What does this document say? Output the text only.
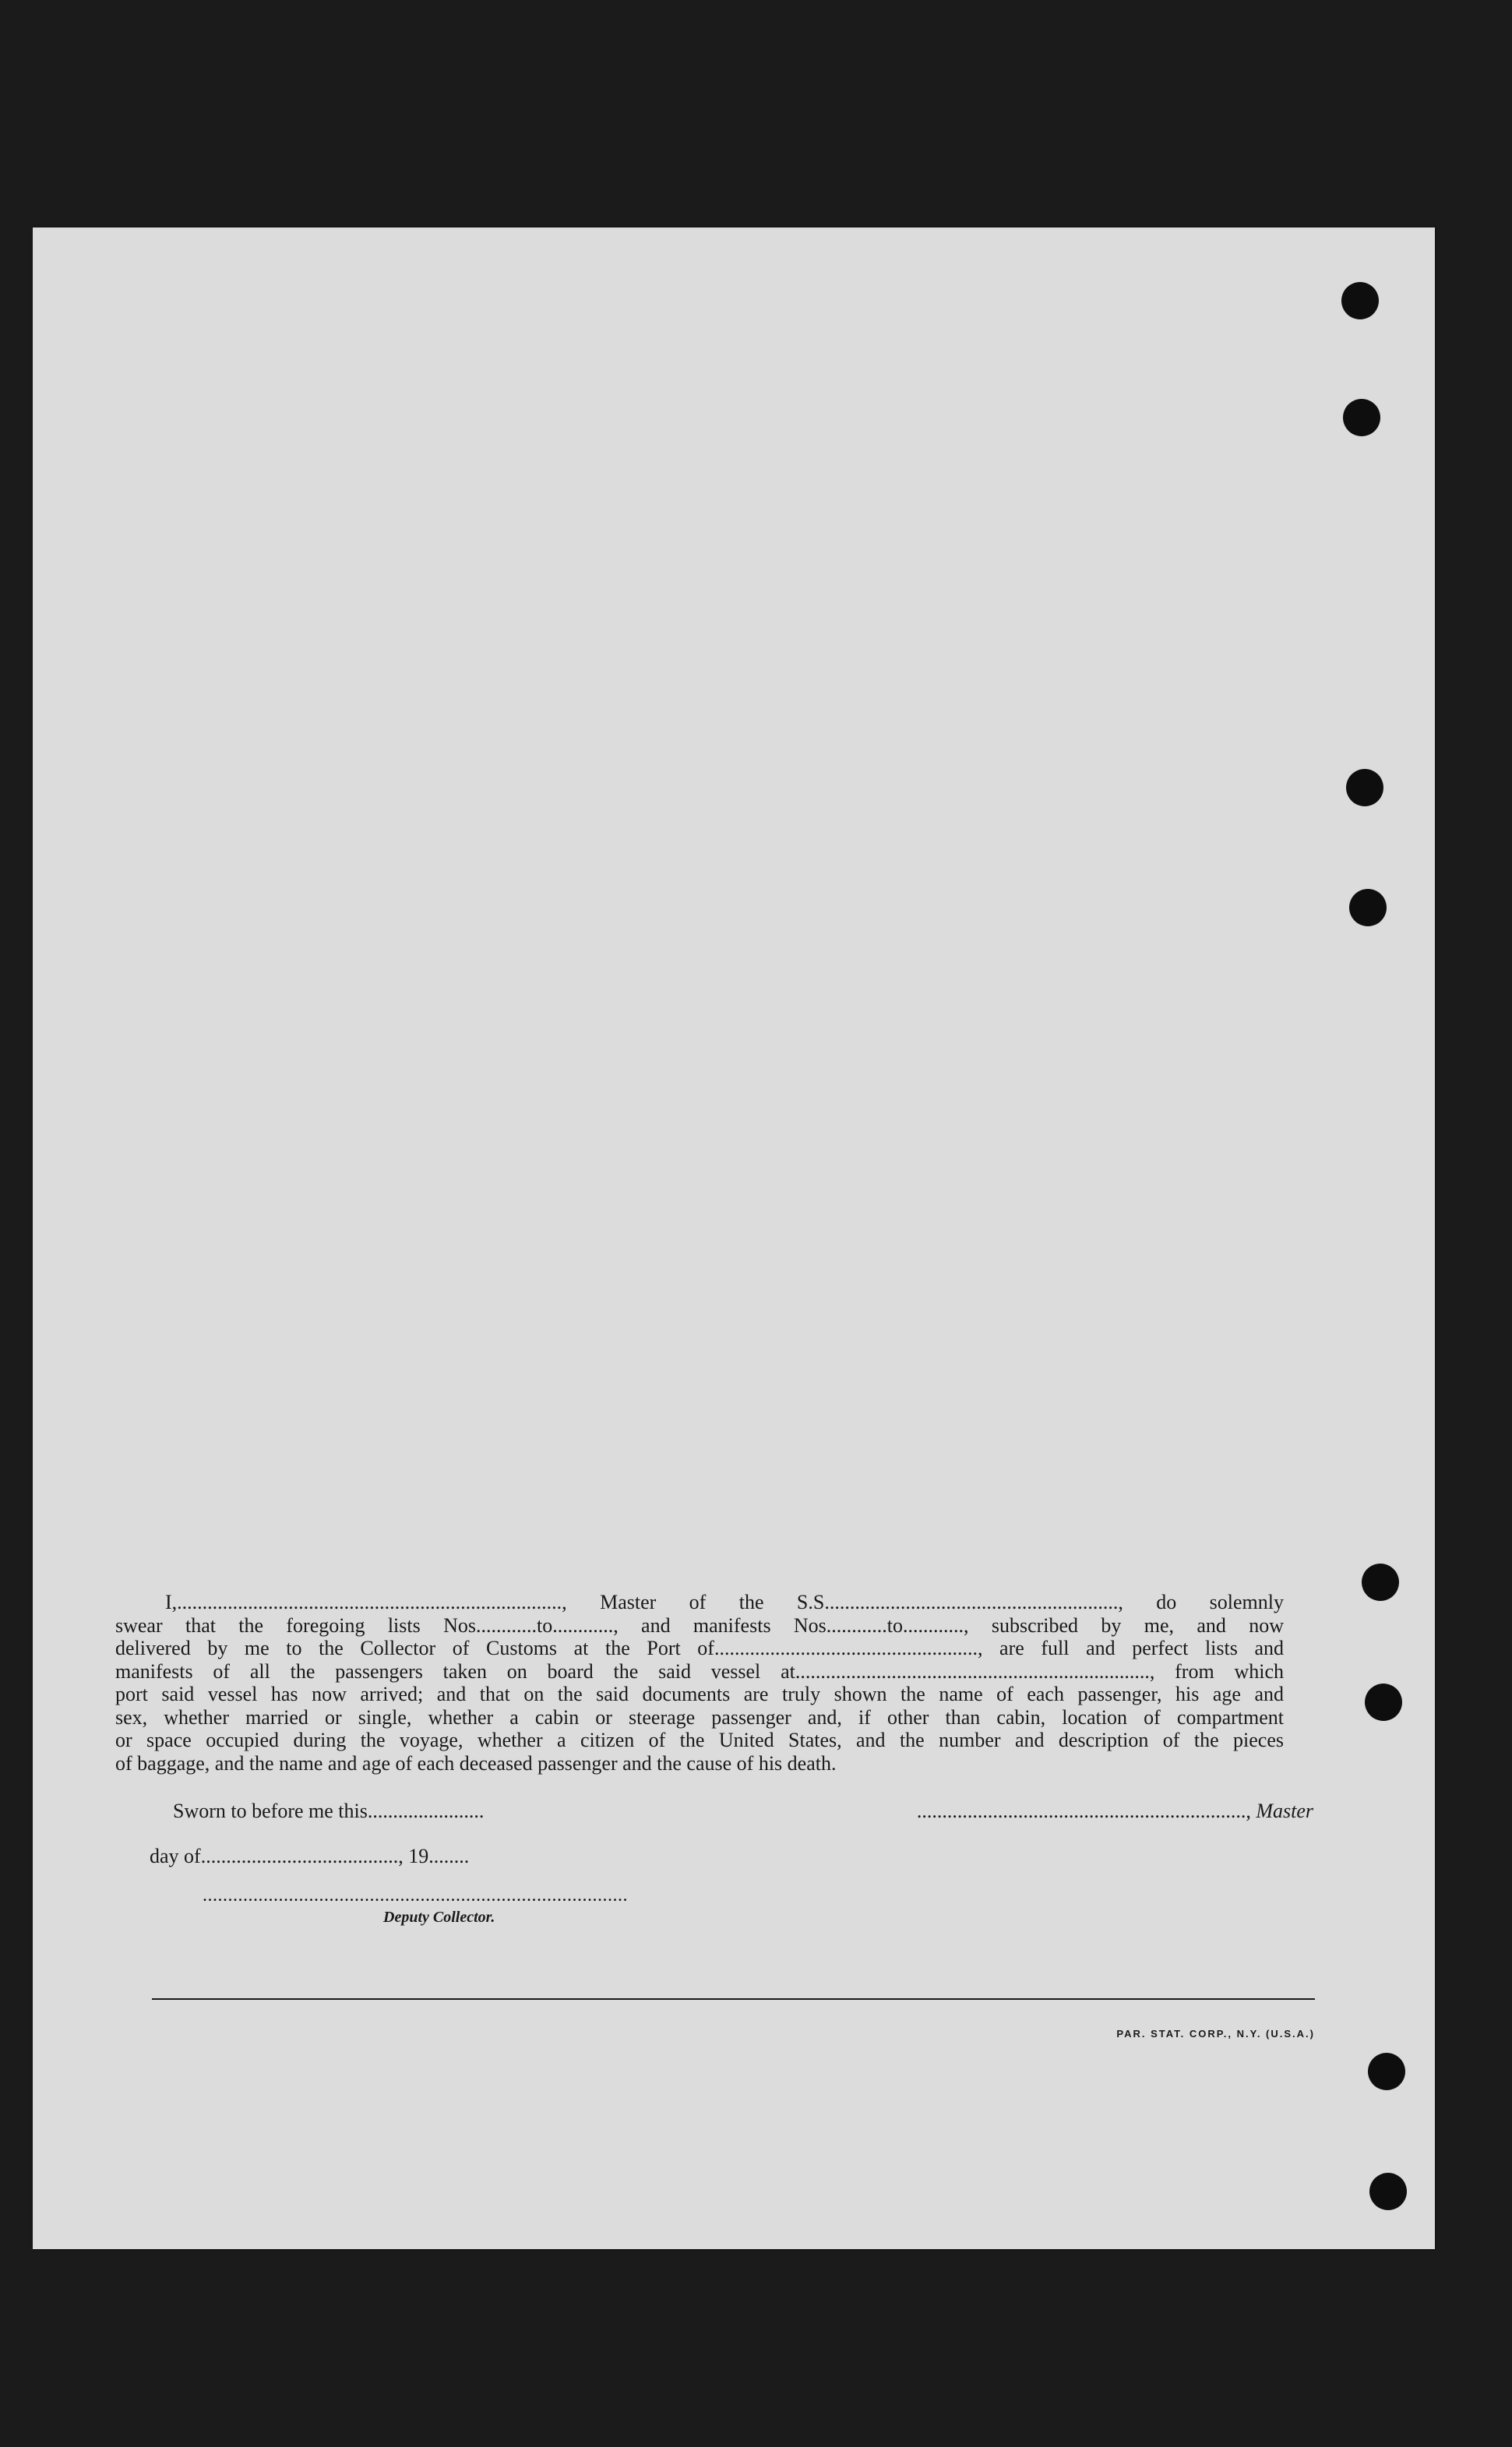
I,............................................................................, Master of the S.S.........................................................., do solemnly
swear that the foregoing lists Nos............to............, and manifests Nos............to............, subscribed by me, and now
delivered by me to the Collector of Customs at the Port of...................................................., are full and perfect lists and
manifests of all the passengers taken on board the said vessel at......................................................................, from which
port said vessel has now arrived; and that on the said documents are truly shown the name of each passenger, his age and
sex, whether married or single, whether a cabin or steerage passenger and, if other than cabin, location of compartment
or space occupied during the voyage, whether a citizen of the United States, and the number and description of the pieces
of baggage, and the name and age of each deceased passenger and the cause of his death.
Sworn to before me this.......................	................................................................., Master
day of......................................., 19........
....................................................................................
Deputy Collector.
PAR. STAT. CORP., N.Y. (U.S.A.)
